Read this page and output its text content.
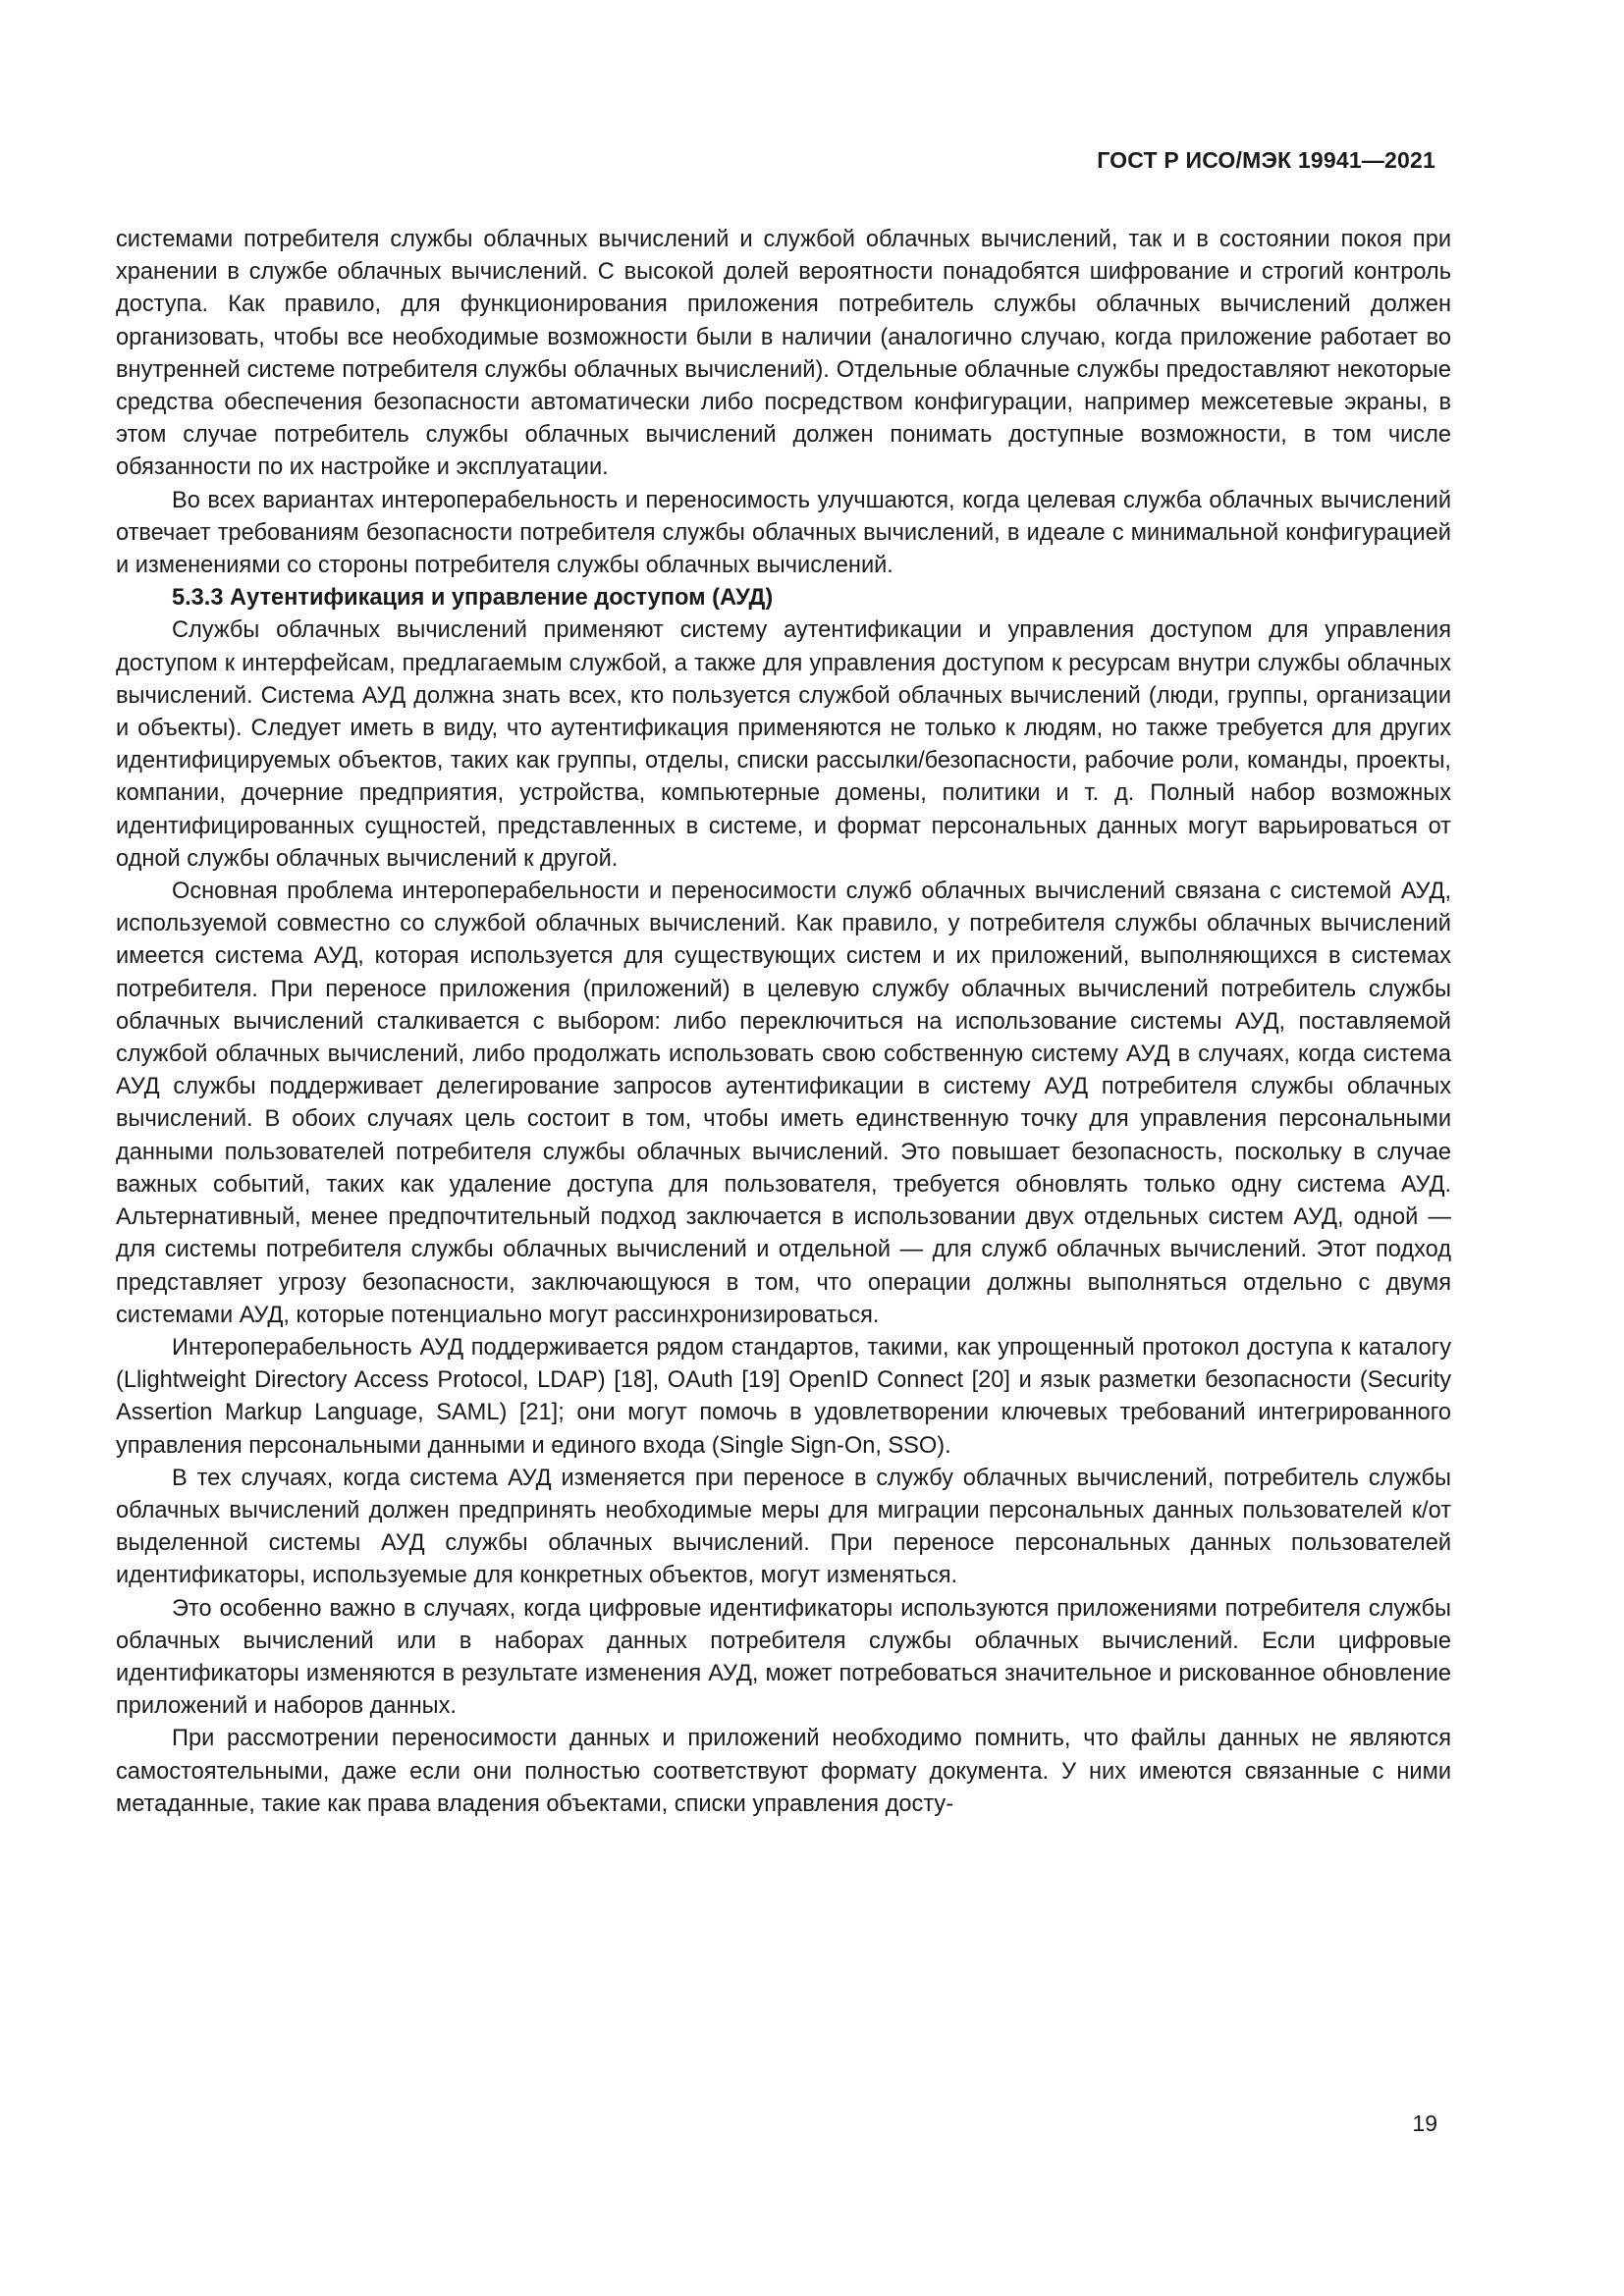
ГОСТ Р ИСО/МЭК 19941—2021

системами потребителя службы облачных вычислений и службой облачных вычислений, так и в состоянии покоя при хранении в службе облачных вычислений. С высокой долей вероятности понадобятся шифрование и строгий контроль доступа. Как правило, для функционирования приложения потребитель службы облачных вычислений должен организовать, чтобы все необходимые возможности были в наличии (аналогично случаю, когда приложение работает во внутренней системе потребителя службы облачных вычислений). Отдельные облачные службы предоставляют некоторые средства обеспечения безопасности автоматически либо посредством конфигурации, например межсетевые экраны, в этом случае потребитель службы облачных вычислений должен понимать доступные возможности, в том числе обязанности по их настройке и эксплуатации.

Во всех вариантах интероперабельность и переносимость улучшаются, когда целевая служба облачных вычислений отвечает требованиям безопасности потребителя службы облачных вычислений, в идеале с минимальной конфигурацией и изменениями со стороны потребителя службы облачных вычислений.

5.3.3 Аутентификация и управление доступом (АУД)

Службы облачных вычислений применяют систему аутентификации и управления доступом для управления доступом к интерфейсам, предлагаемым службой, а также для управления доступом к ресурсам внутри службы облачных вычислений. Система АУД должна знать всех, кто пользуется службой облачных вычислений (люди, группы, организации и объекты). Следует иметь в виду, что аутентификация применяются не только к людям, но также требуется для других идентифицируемых объектов, таких как группы, отделы, списки рассылки/безопасности, рабочие роли, команды, проекты, компании, дочерние предприятия, устройства, компьютерные домены, политики и т. д. Полный набор возможных идентифицированных сущностей, представленных в системе, и формат персональных данных могут варьироваться от одной службы облачных вычислений к другой.

Основная проблема интероперабельности и переносимости служб облачных вычислений связана с системой АУД, используемой совместно со службой облачных вычислений. Как правило, у потребителя службы облачных вычислений имеется система АУД, которая используется для существующих систем и их приложений, выполняющихся в системах потребителя. При переносе приложения (приложений) в целевую службу облачных вычислений потребитель службы облачных вычислений сталкивается с выбором: либо переключиться на использование системы АУД, поставляемой службой облачных вычислений, либо продолжать использовать свою собственную систему АУД в случаях, когда система АУД службы поддерживает делегирование запросов аутентификации в систему АУД потребителя службы облачных вычислений. В обоих случаях цель состоит в том, чтобы иметь единственную точку для управления персональными данными пользователей потребителя службы облачных вычислений. Это повышает безопасность, поскольку в случае важных событий, таких как удаление доступа для пользователя, требуется обновлять только одну система АУД. Альтернативный, менее предпочтительный подход заключается в использовании двух отдельных систем АУД, одной — для системы потребителя службы облачных вычислений и отдельной — для служб облачных вычислений. Этот подход представляет угрозу безопасности, заключающуюся в том, что операции должны выполняться отдельно с двумя системами АУД, которые потенциально могут рассинхронизироваться.

Интероперабельность АУД поддерживается рядом стандартов, такими, как упрощенный протокол доступа к каталогу (Llightweight Directory Access Protocol, LDAP) [18], OAuth [19] OpenID Connect [20] и язык разметки безопасности (Security Assertion Markup Language, SAML) [21]; они могут помочь в удовлетворении ключевых требований интегрированного управления персональными данными и единого входа (Single Sign-On, SSO).

В тех случаях, когда система АУД изменяется при переносе в службу облачных вычислений, потребитель службы облачных вычислений должен предпринять необходимые меры для миграции персональных данных пользователей к/от выделенной системы АУД службы облачных вычислений. При переносе персональных данных пользователей идентификаторы, используемые для конкретных объектов, могут изменяться.

Это особенно важно в случаях, когда цифровые идентификаторы используются приложениями потребителя службы облачных вычислений или в наборах данных потребителя службы облачных вычислений. Если цифровые идентификаторы изменяются в результате изменения АУД, может потребоваться значительное и рискованное обновление приложений и наборов данных.

При рассмотрении переносимости данных и приложений необходимо помнить, что файлы данных не являются самостоятельными, даже если они полностью соответствуют формату документа. У них имеются связанные с ними метаданные, такие как права владения объектами, списки управления досту-

19
